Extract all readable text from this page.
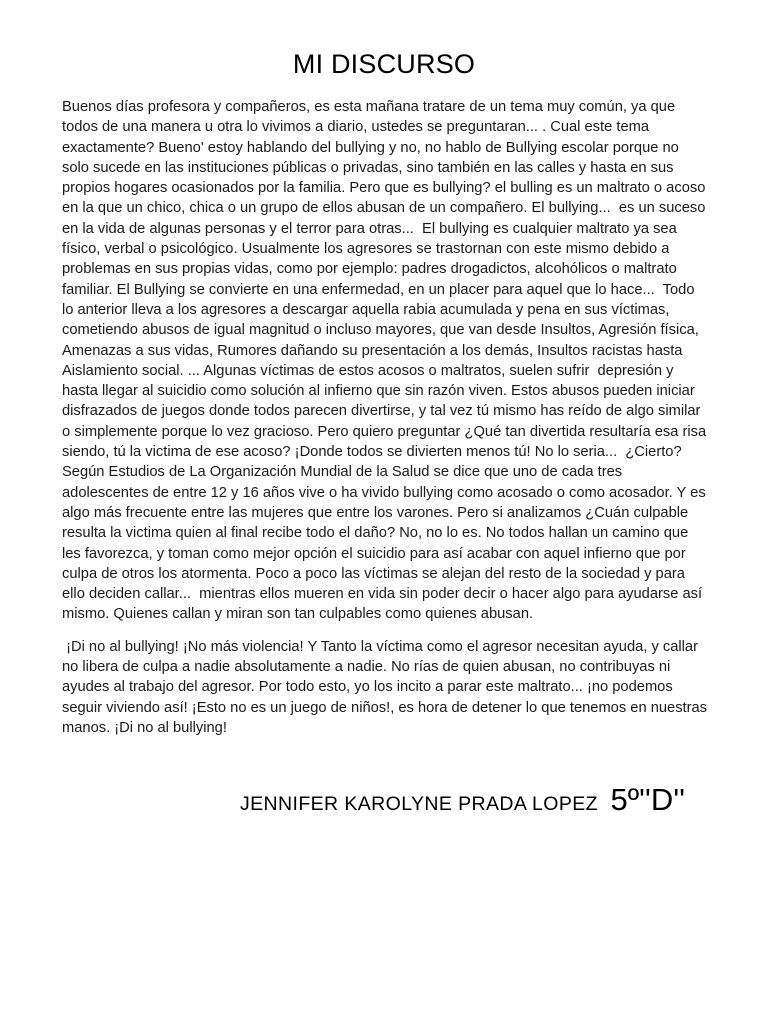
MI DISCURSO

Buenos días profesora y compañeros, es esta mañana tratare de un tema muy común, ya que todos de una manera u otra lo vivimos a diario, ustedes se preguntaran... . Cual este tema exactamente? Bueno' estoy hablando del bullying y no, no hablo de Bullying escolar porque no solo sucede en las instituciones públicas o privadas, sino también en las calles y hasta en sus propios hogares ocasionados por la familia. Pero que es bullying? el bulling es un maltrato o acoso en la que un chico, chica o un grupo de ellos abusan de un compañero. El bullying...  es un suceso en la vida de algunas personas y el terror para otras...  El bullying es cualquier maltrato ya sea físico, verbal o psicológico. Usualmente los agresores se trastornan con este mismo debido a problemas en sus propias vidas, como por ejemplo: padres drogadictos, alcohólicos o maltrato familiar. El Bullying se convierte en una enfermedad, en un placer para aquel que lo hace...  Todo lo anterior lleva a los agresores a descargar aquella rabia acumulada y pena en sus víctimas, cometiendo abusos de igual magnitud o incluso mayores, que van desde Insultos, Agresión física, Amenazas a sus vidas, Rumores dañando su presentación a los demás, Insultos racistas hasta Aislamiento social. ... Algunas víctimas de estos acosos o maltratos, suelen sufrir  depresión y hasta llegar al suicidio como solución al infierno que sin razón viven. Estos abusos pueden iniciar disfrazados de juegos donde todos parecen divertirse, y tal vez tú mismo has reído de algo similar o simplemente porque lo vez gracioso. Pero quiero preguntar ¿Qué tan divertida resultaría esa risa siendo, tú la victima de ese acoso? ¡Donde todos se divierten menos tú! No lo seria...  ¿Cierto? Según Estudios de La Organización Mundial de la Salud se dice que uno de cada tres adolescentes de entre 12 y 16 años vive o ha vivido bullying como acosado o como acosador. Y es algo más frecuente entre las mujeres que entre los varones. Pero si analizamos ¿Cuán culpable resulta la victima quien al final recibe todo el daño? No, no lo es. No todos hallan un camino que les favorezca, y toman como mejor opción el suicidio para así acabar con aquel infierno que por culpa de otros los atormenta. Poco a poco las víctimas se alejan del resto de la sociedad y para ello deciden callar...  mientras ellos mueren en vida sin poder decir o hacer algo para ayudarse así mismo. Quienes callan y miran son tan culpables como quienes abusan.

¡Di no al bullying! ¡No más violencia! Y Tanto la víctima como el agresor necesitan ayuda, y callar no libera de culpa a nadie absolutamente a nadie. No rías de quien abusan, no contribuyas ni ayudes al trabajo del agresor. Por todo esto, yo los incito a parar este maltrato... ¡no podemos seguir viviendo así! ¡Esto no es un juego de niños!, es hora de detener lo que tenemos en nuestras manos. ¡Di no al bullying!

JENNIFER KAROLYNE PRADA LOPEZ 5º''D''
